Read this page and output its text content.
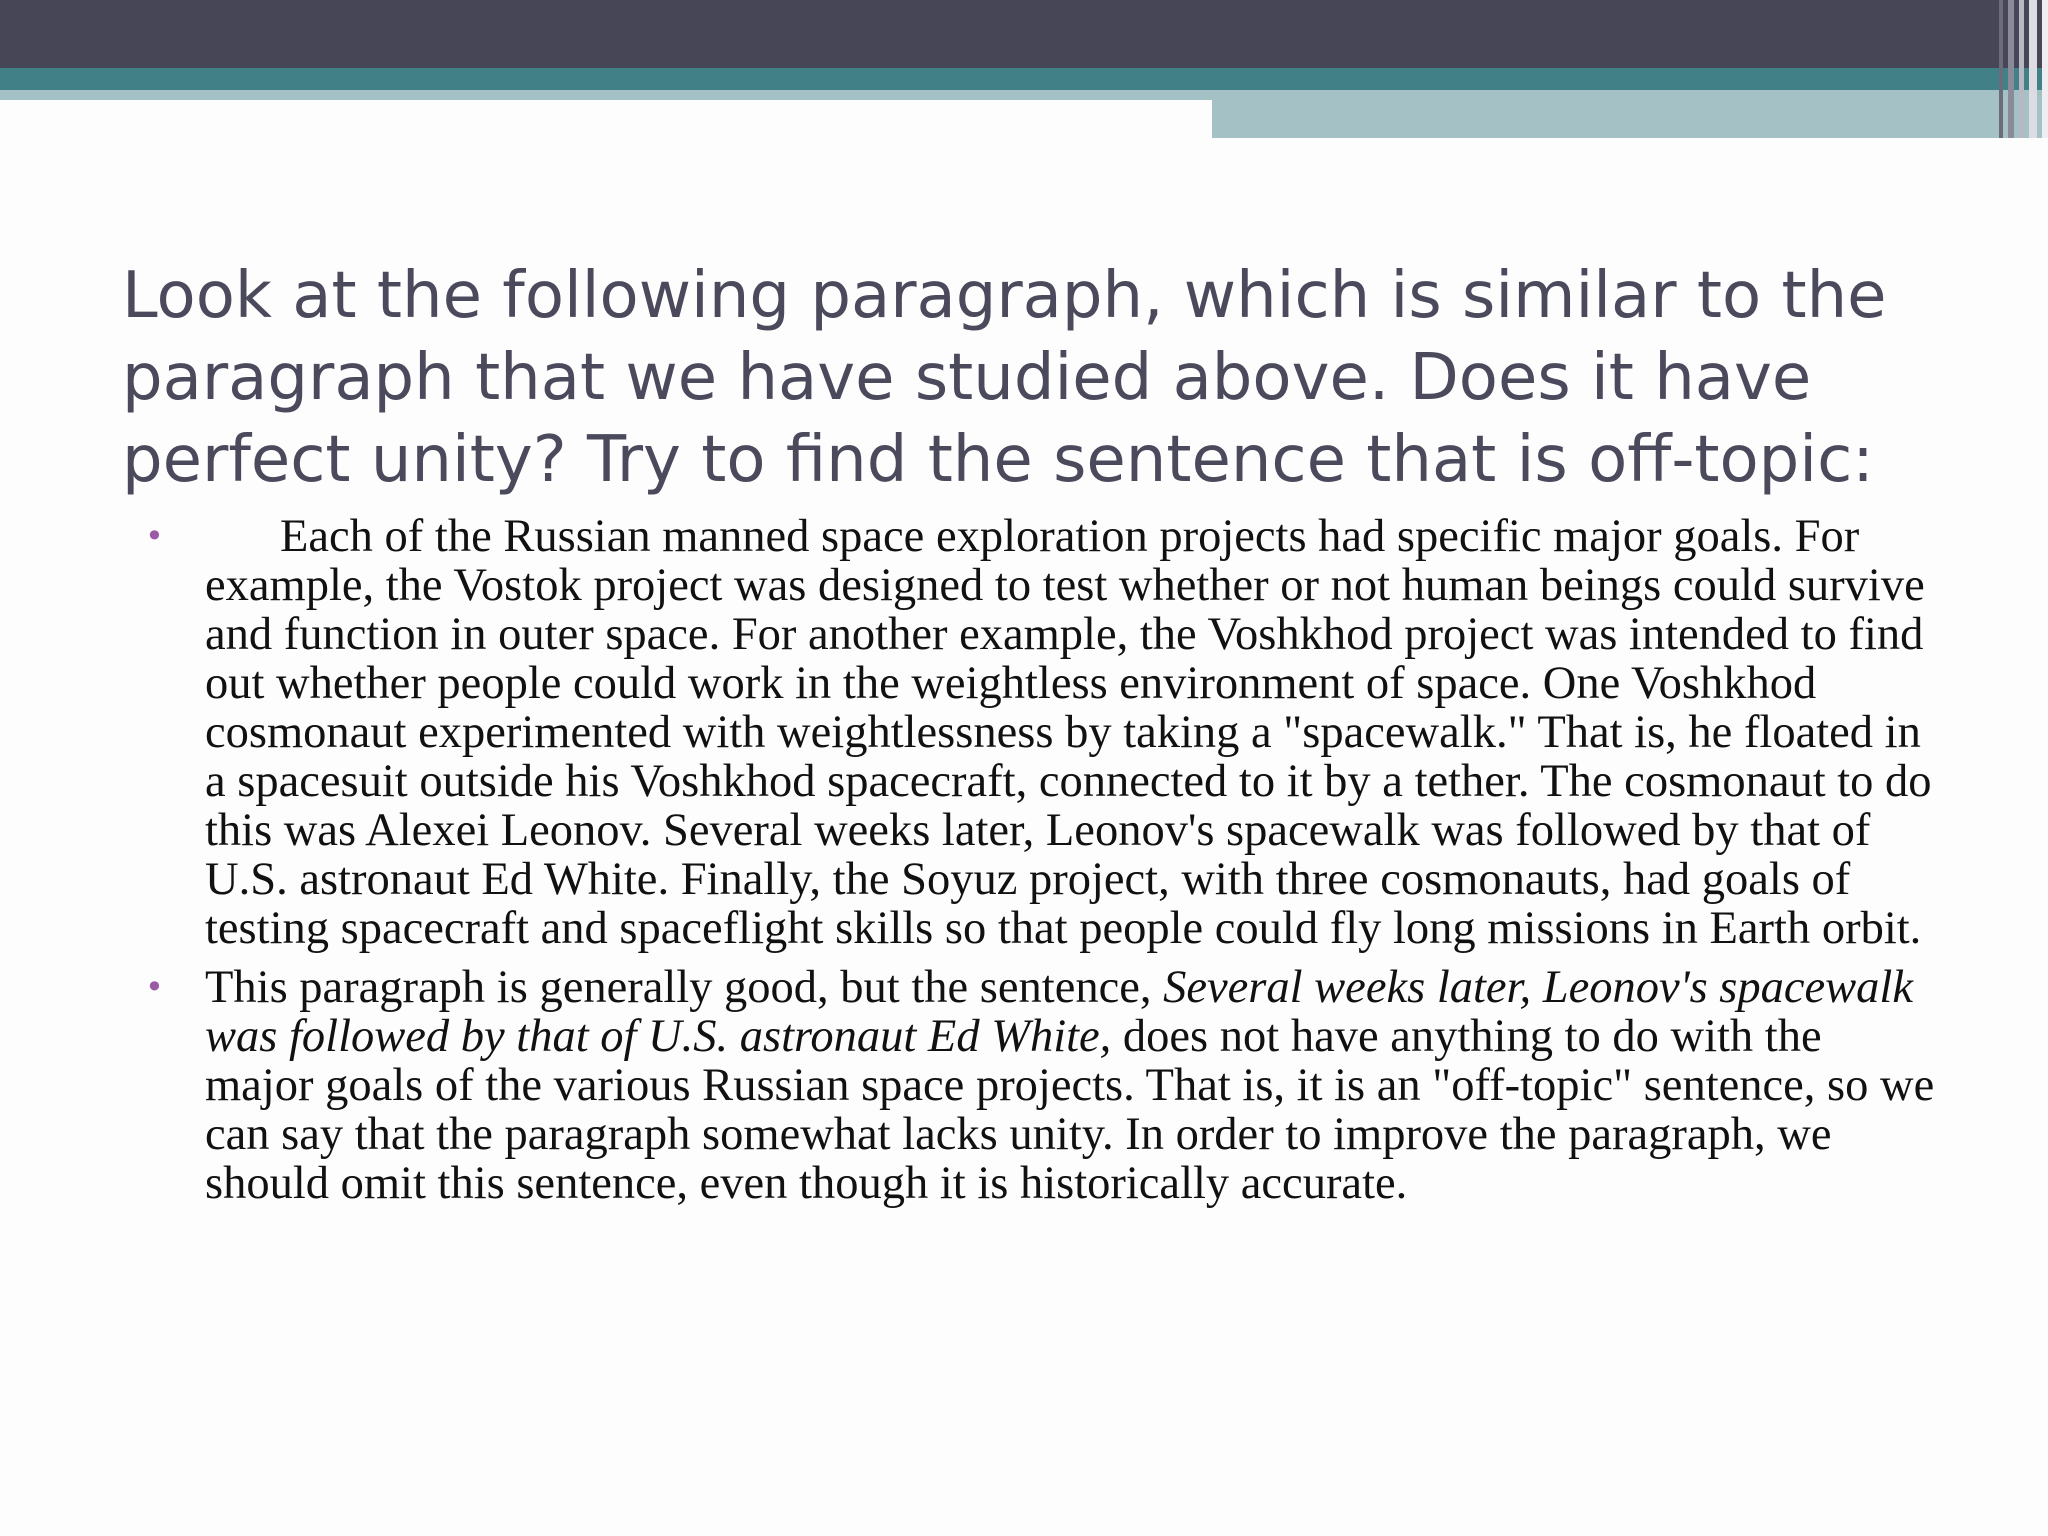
Look at the following paragraph, which is similar to the paragraph that we have studied above. Does it have perfect unity? Try to find the sentence that is off-topic:
•	Each of the Russian manned space exploration projects had specific major goals. For example, the Vostok project was designed to test whether or not human beings could survive and function in outer space. For another example, the Voshkhod project was intended to find out whether people could work in the weightless environment of space. One Voshkhod cosmonaut experimented with weightlessness by taking a "spacewalk." That is, he floated in a spacesuit outside his Voshkhod spacecraft, connected to it by a tether. The cosmonaut to do this was Alexei Leonov. Several weeks later, Leonov's spacewalk was followed by that of U.S. astronaut Ed White. Finally, the Soyuz project, with three cosmonauts, had goals of testing spacecraft and spaceflight skills so that people could fly long missions in Earth orbit.
• This paragraph is generally good, but the sentence, Several weeks later, Leonov's spacewalk was followed by that of U.S. astronaut Ed White, does not have anything to do with the major goals of the various Russian space projects. That is, it is an "off-topic" sentence, so we can say that the paragraph somewhat lacks unity. In order to improve the paragraph, we should omit this sentence, even though it is historically accurate.
